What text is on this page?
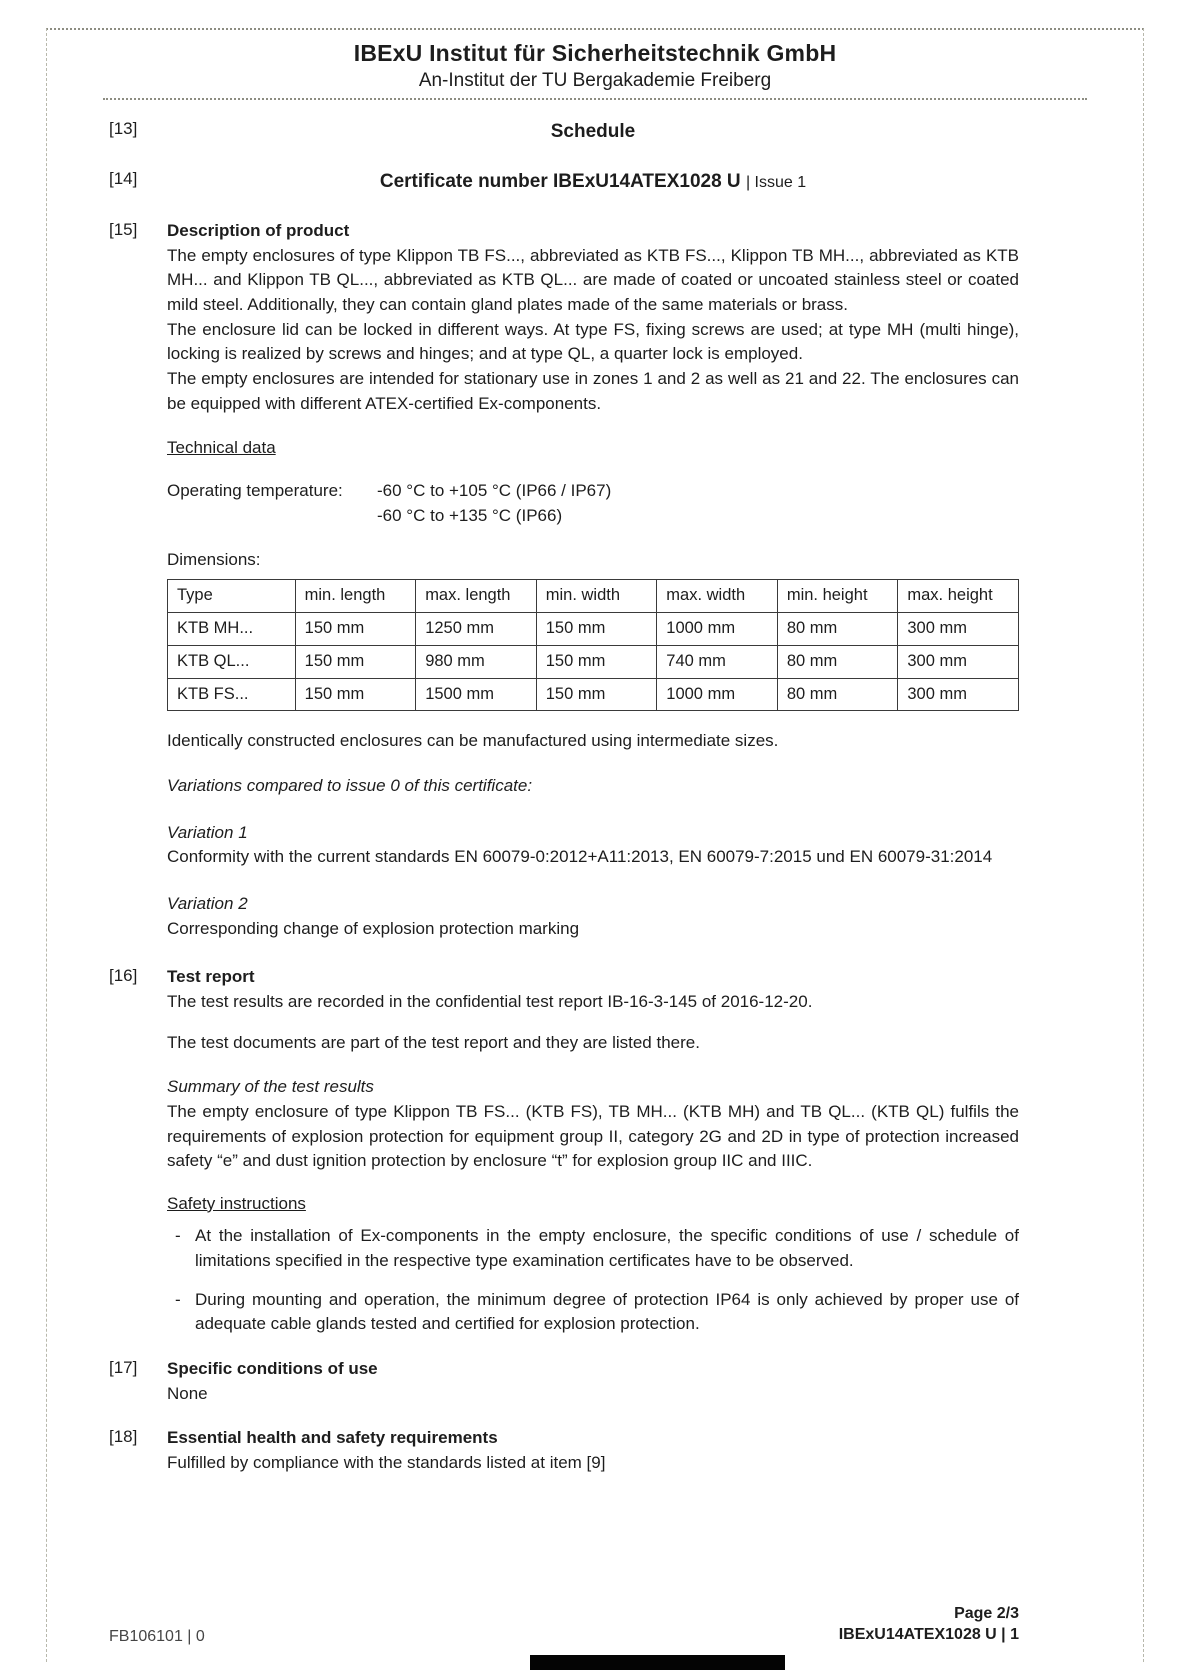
IBExU Institut für Sicherheitstechnik GmbH
An-Institut der TU Bergakademie Freiberg
[13]	Schedule
[14]	Certificate number IBExU14ATEX1028 U | Issue 1
[15]	Description of product
The empty enclosures of type Klippon TB FS..., abbreviated as KTB FS..., Klippon TB MH..., abbreviated as KTB MH... and Klippon TB QL..., abbreviated as KTB QL... are made of coated or uncoated stainless steel or coated mild steel. Additionally, they can contain gland plates made of the same materials or brass.
The enclosure lid can be locked in different ways. At type FS, fixing screws are used; at type MH (multi hinge), locking is realized by screws and hinges; and at type QL, a quarter lock is employed.
The empty enclosures are intended for stationary use in zones 1 and 2 as well as 21 and 22. The enclosures can be equipped with different ATEX-certified Ex-components.
Technical data
Operating temperature:	-60 °C to +105 °C (IP66 / IP67)
-60 °C to +135 °C (IP66)
Dimensions:
Type	min. length	max. length	min. width	max. width	min. height	max. height
KTB MH...	150 mm	1250 mm	150 mm	1000 mm	80 mm	300 mm
KTB QL...	150 mm	980 mm	150 mm	740 mm	80 mm	300 mm
KTB FS...	150 mm	1500 mm	150 mm	1000 mm	80 mm	300 mm
Identically constructed enclosures can be manufactured using intermediate sizes.
Variations compared to issue 0 of this certificate:
Variation 1
Conformity with the current standards EN 60079-0:2012+A11:2013, EN 60079-7:2015 und EN 60079-31:2014
Variation 2
Corresponding change of explosion protection marking
[16]	Test report
The test results are recorded in the confidential test report IB-16-3-145 of 2016-12-20.
The test documents are part of the test report and they are listed there.
Summary of the test results
The empty enclosure of type Klippon TB FS... (KTB FS), TB MH... (KTB MH) and TB QL... (KTB QL) fulfils the requirements of explosion protection for equipment group II, category 2G and 2D in type of protection increased safety “e” and dust ignition protection by enclosure “t” for explosion group IIC and IIIC.
Safety instructions
- At the installation of Ex-components in the empty enclosure, the specific conditions of use / schedule of limitations specified in the respective type examination certificates have to be observed.
- During mounting and operation, the minimum degree of protection IP64 is only achieved by proper use of adequate cable glands tested and certified for explosion protection.
[17]	Specific conditions of use
None
[18]	Essential health and safety requirements
Fulfilled by compliance with the standards listed at item [9]
FB106101 | 0
Page 2/3
IBExU14ATEX1028 U | 1
